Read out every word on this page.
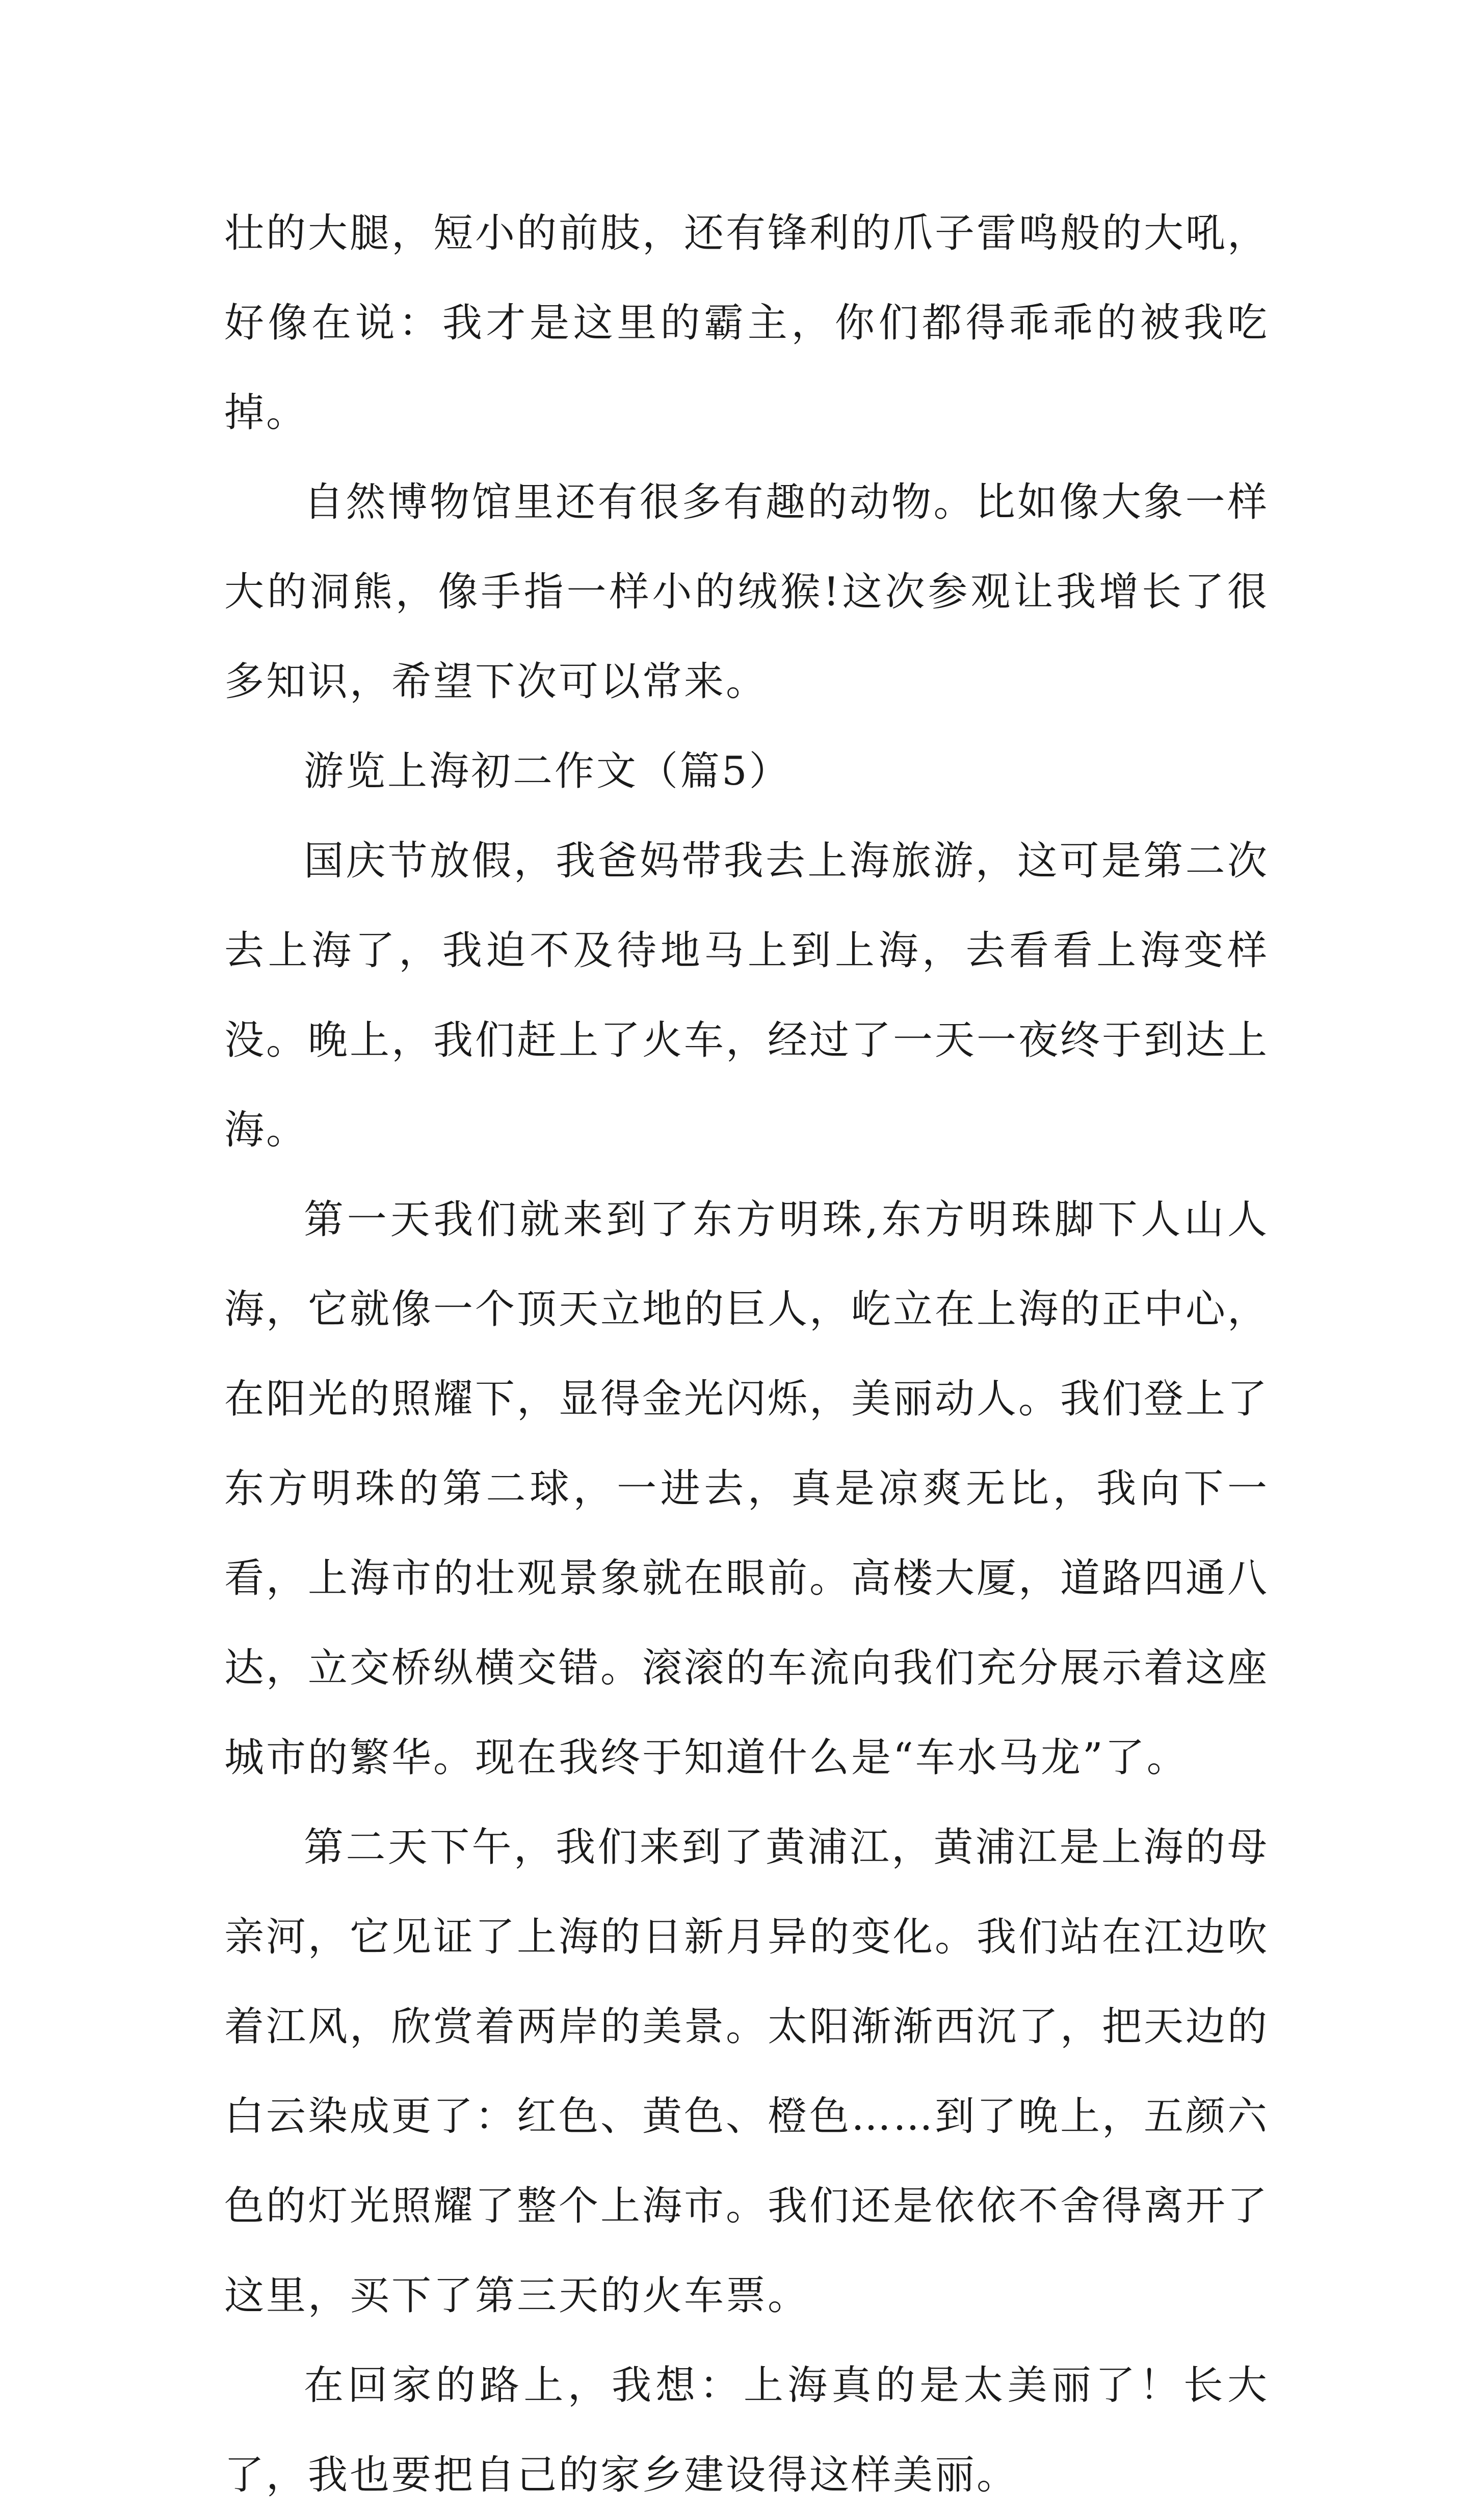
壮的大腿，短小的前肢，还有锋利的爪子雷鸣般的大吼，好像在说：我才是这里的霸主，你们都得乖乖的被我吃掉。

自然博物馆里还有很多有趣的动物。比如像大象一样大的洞熊，像手指一样小的绒猴!这次参观让我增长了很多知识，希望下次可以常来。

游览上海初二作文（篇5）

国庆节放假，我爸妈带我去上海旅游，这可是第二次去上海了，我迫不及待地马上到上海，去看看上海变样没。晚上，我们赶上了火车，经过了一天一夜终于到达上海。

第一天我们就来到了东方明珠,东方明珠脚下人山人海，它就像一个顶天立地的巨人，屹立在上海的正中心，在阳光的照耀下，显得金光闪烁，美丽动人。我们登上了东方明珠的第二球，一进去，真是凉爽无比，我向下一看，上海市的壮观景象就在眼前。高楼大厦，道路四通八达，立交桥纵横交错。滚滚的车流向我们充分展示着这座城市的繁华。现在我终于知道什么是“车水马龙”了。

第二天下午，我们来到了黄浦江，黄浦江是上海的母亲河，它见证了上海的日新月异的变化。我们站在江边吹着江风，欣赏着两岸的美景。太阳渐渐西沉了，把天边的白云染成更了：红色、黄色、橙色……到了晚上，五颜六色的灯光照耀了整个上海市。我们还是依依不舍得离开了这里，买下了第三天的火车票。

在回家的路上，我想：上海真的是太美丽了！长大了，我也要把自己的家乡建设得这样美丽。
